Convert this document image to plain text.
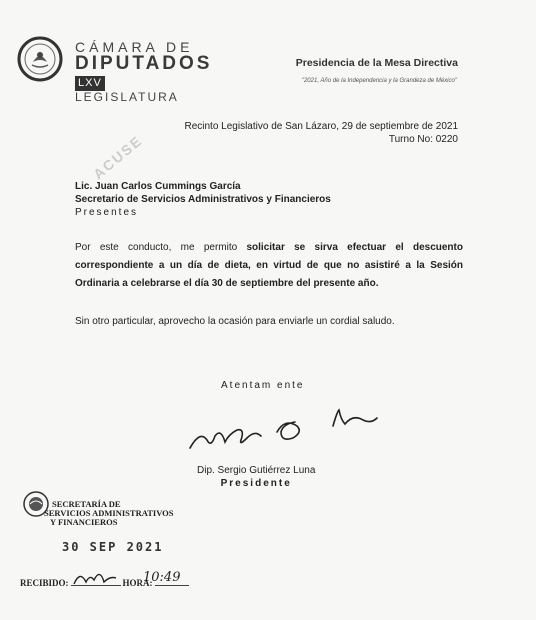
CÁMARA DE
DIPUTADOS
LXVLEGISLATURA
Presidencia de la Mesa Directiva
"2021, Año de la Independencia y la Grandeza de México"
Recinto Legislativo de San Lázaro, 29 de septiembre de 2021
Turno No: 0220
ACUSE
Lic. Juan Carlos Cummings García
Secretario de Servicios Administrativos y Financieros
Presentes
Por este conducto, me permito solicitar se sirva efectuar el descuento correspondiente a un día de dieta, en virtud de que no asistiré a la Sesión Ordinaria a celebrarse el día 30 de septiembre del presente año.
Sin otro particular, aprovecho la ocasión para enviarle un cordial saludo.
Atentam ente
Dip. Sergio Gutiérrez Luna
Presidente
SECRETARÍA DE
SERVICIOS ADMINISTRATIVOS
Y FINANCIEROS
30 SEP 2021
RECIBIDO:	HORA:
10:49
